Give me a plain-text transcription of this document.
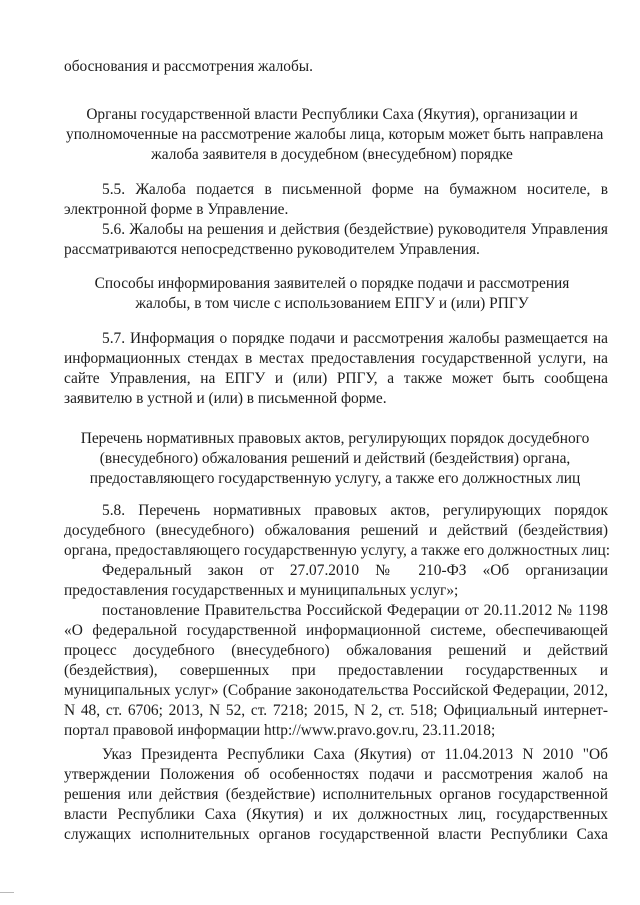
обоснования и рассмотрения жалобы.
Органы государственной власти Республики Саха (Якутия), организации и
уполномоченные на рассмотрение жалобы лица, которым может быть направлена
жалоба заявителя в досудебном (внесудебном) порядке
5.5. Жалоба подается в письменной форме на бумажном носителе, в
электронной форме в Управление.
5.6. Жалобы на решения и действия (бездействие) руководителя Управления
рассматриваются непосредственно руководителем Управления.
Способы информирования заявителей о порядке подачи и рассмотрения
жалобы, в том числе с использованием ЕПГУ и (или) РПГУ
5.7. Информация о порядке подачи и рассмотрения жалобы размещается на
информационных стендах в местах предоставления государственной услуги, на
сайте Управления, на ЕПГУ и (или) РПГУ, а также может быть сообщена
заявителю в устной и (или) в письменной форме.
Перечень нормативных правовых актов, регулирующих порядок досудебного
(внесудебного) обжалования решений и действий (бездействия) органа,
предоставляющего государственную услугу, а также его должностных лиц
5.8. Перечень нормативных правовых актов, регулирующих порядок
досудебного (внесудебного) обжалования решений и действий (бездействия)
органа, предоставляющего государственную услугу, а также его должностных лиц:
Федеральный закон от 27.07.2010 № 210-ФЗ «Об организации
предоставления государственных и муниципальных услуг»;
постановление Правительства Российской Федерации от 20.11.2012 № 1198
«О федеральной государственной информационной системе, обеспечивающей
процесс досудебного (внесудебного) обжалования решений и действий
(бездействия), совершенных при предоставлении государственных и
муниципальных услуг» (Собрание законодательства Российской Федерации, 2012,
N 48, ст. 6706; 2013, N 52, ст. 7218; 2015, N 2, ст. 518; Официальный интернет-
портал правовой информации http://www.pravo.gov.ru, 23.11.2018;
Указ Президента Республики Саха (Якутия) от 11.04.2013 N 2010 "Об
утверждении Положения об особенностях подачи и рассмотрения жалоб на
решения или действия (бездействие) исполнительных органов государственной
власти Республики Саха (Якутия) и их должностных лиц, государственных
служащих исполнительных органов государственной власти Республики Саха
